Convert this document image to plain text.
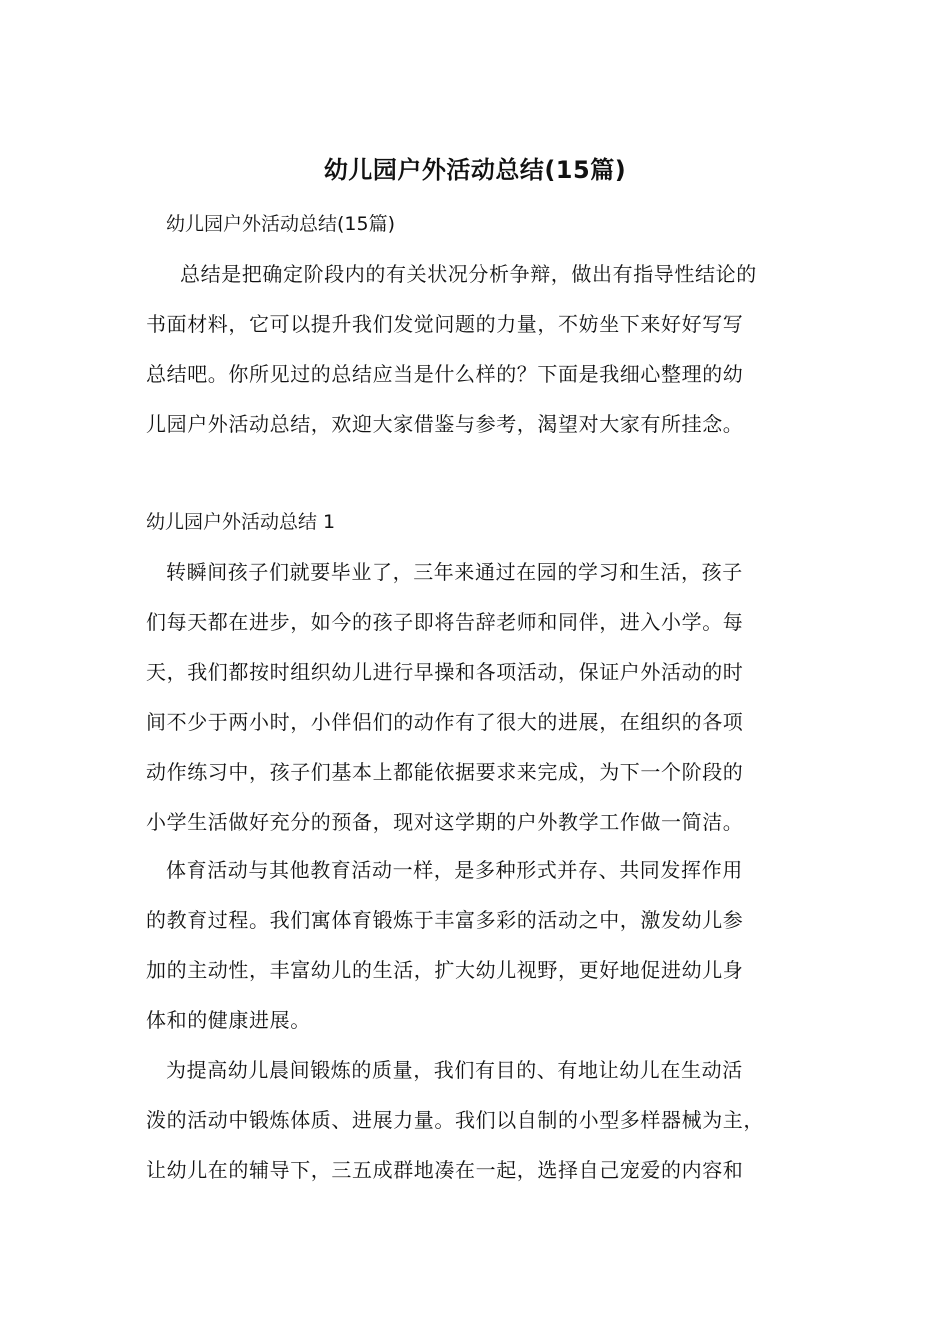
幼儿园户外活动总结(15篇)

幼儿园户外活动总结(15篇)

总结是把确定阶段内的有关状况分析争辩，做出有指导性结论的
书面材料，它可以提升我们发觉问题的力量，不妨坐下来好好写写
总结吧。你所见过的总结应当是什么样的？下面是我细心整理的幼
儿园户外活动总结，欢迎大家借鉴与参考，渴望对大家有所挂念。

幼儿园户外活动总结 1

转瞬间孩子们就要毕业了，三年来通过在园的学习和生活，孩子
们每天都在进步，如今的孩子即将告辞老师和同伴，进入小学。每
天，我们都按时组织幼儿进行早操和各项活动，保证户外活动的时
间不少于两小时，小伴侣们的动作有了很大的进展，在组织的各项
动作练习中，孩子们基本上都能依据要求来完成，为下一个阶段的
小学生活做好充分的预备，现对这学期的户外教学工作做一简洁。

体育活动与其他教育活动一样，是多种形式并存、共同发挥作用
的教育过程。我们寓体育锻炼于丰富多彩的活动之中，激发幼儿参
加的主动性，丰富幼儿的生活，扩大幼儿视野，更好地促进幼儿身
体和的健康进展。

为提高幼儿晨间锻炼的质量，我们有目的、有地让幼儿在生动活
泼的活动中锻炼体质、进展力量。我们以自制的小型多样器械为主，
让幼儿在的辅导下，三五成群地凑在一起，选择自己宠爱的内容和
